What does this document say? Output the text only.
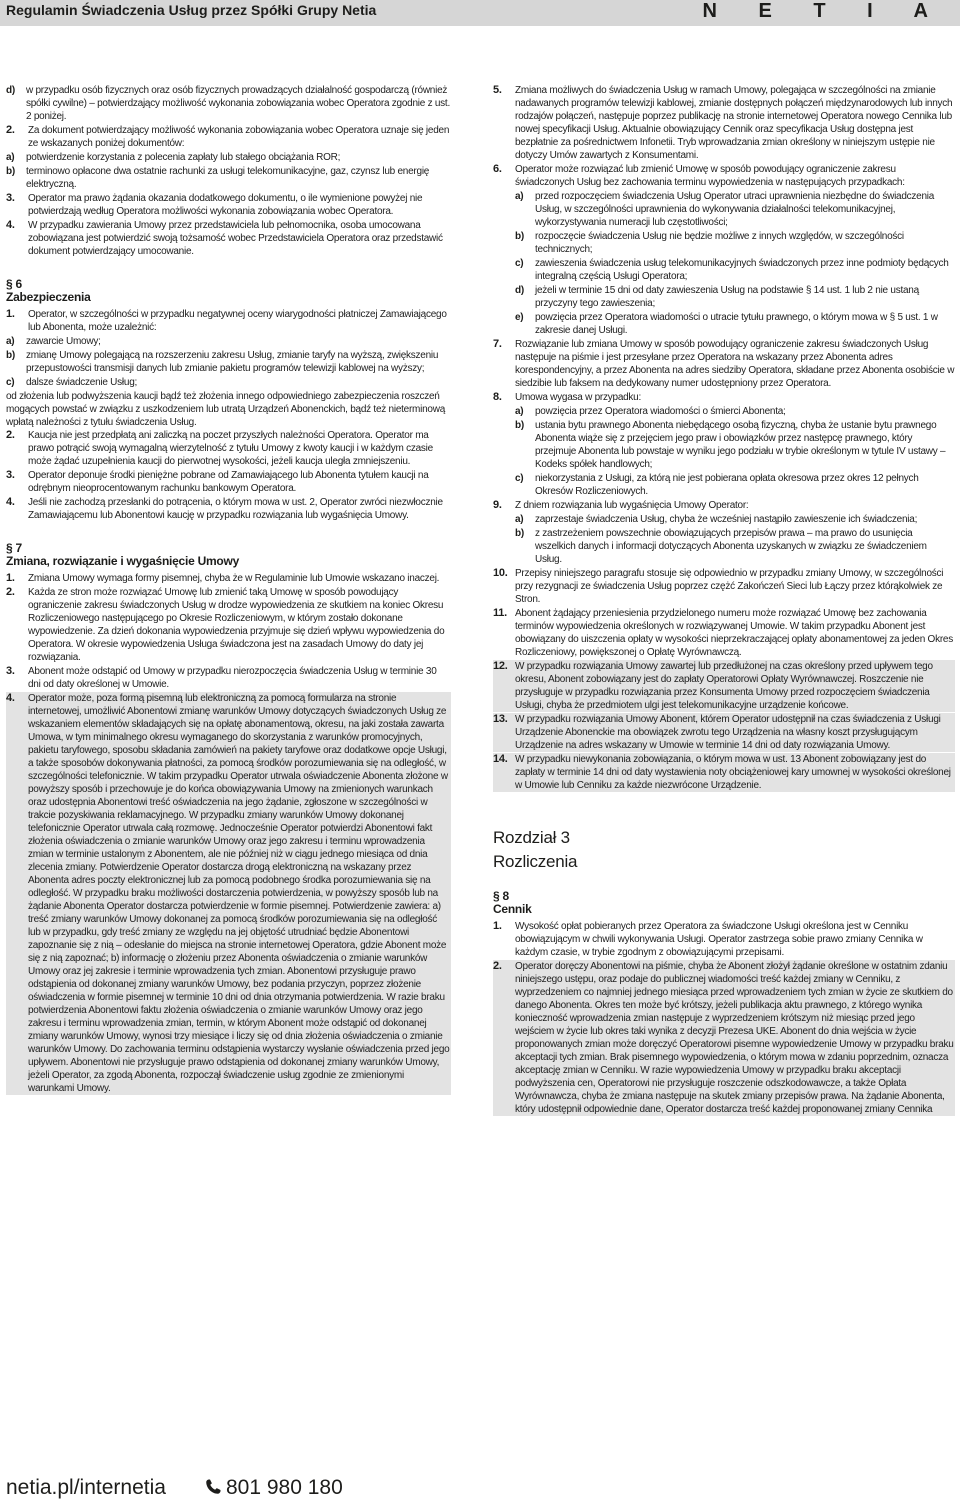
Regulamin Świadczenia Usług przez Spółki Grupy Netia	N E T I A
d) w przypadku osób fizycznych oraz osób fizycznych prowadzących działalność gospodarczą (również spółki cywilne) – potwierdzający możliwość wykonania zobowiązania wobec Operatora zgodnie z ust. 2 poniżej.

2. Za dokument potwierdzający możliwość wykonania zobowiązania wobec Operatora uznaje się jeden ze wskazanych poniżej dokumentów:

a) potwierdzenie korzystania z polecenia zapłaty lub stałego obciążania ROR;

b) terminowo opłacone dwa ostatnie rachunki za usługi telekomunikacyjne, gaz, czynsz lub energię elektryczną.

3. Operator ma prawo żądania okazania dodatkowego dokumentu, o ile wymienione powyżej nie potwierdzają według Operatora możliwości wykonania zobowiązania wobec Operatora.

4. W przypadku zawierania Umowy przez przedstawiciela lub pełnomocnika, osoba umocowana zobowiązana jest potwierdzić swoją tożsamość wobec Przedstawiciela Operatora oraz przedstawić dokument potwierdzający umocowanie.

§ 6
Zabezpieczenia
1. Operator, w szczególności w przypadku negatywnej oceny wiarygodności płatniczej Zamawiającego lub Abonenta, może uzależnić:

a) zawarcie Umowy;

b) zmianę Umowy polegającą na rozszerzeniu zakresu Usług, zmianie taryfy na wyższą, zwiększeniu przepustowości transmisji danych lub zmianie pakietu programów telewizji kablowej na wyższy;

c) dalsze świadczenie Usług;

od złożenia lub podwyższenia kaucji bądź też złożenia innego odpowiedniego zabezpieczenia roszczeń mogących powstać w związku z uszkodzeniem lub utratą Urządzeń Abonenckich, bądź też nieterminową wpłatą należności z tytułu świadczenia Usług.

2. Kaucja nie jest przedpłatą ani zaliczką na poczet przyszłych należności Operatora. Operator ma prawo potrącić swoją wymagalną wierzytelność z tytułu Umowy z kwoty kaucji i w każdym czasie może żądać uzupełnienia kaucji do pierwotnej wysokości, jeżeli kaucja uległa zmniejszeniu.

3. Operator deponuje środki pieniężne pobrane od Zamawiającego lub Abonenta tytułem kaucji na odrębnym nieoprocentowanym rachunku bankowym Operatora.

4. Jeśli nie zachodzą przesłanki do potrącenia, o którym mowa w ust. 2, Operator zwróci niezwłocznie Zamawiającemu lub Abonentowi kaucję w przypadku rozwiązania lub wygaśnięcia Umowy.

§ 7
Zmiana, rozwiązanie i wygaśnięcie Umowy
1. Zmiana Umowy wymaga formy pisemnej, chyba że w Regulaminie lub Umowie wskazano inaczej.

2. Każda ze stron może rozwiązać Umowę lub zmienić taką Umowę w sposób powodujący ograniczenie zakresu świadczonych Usług w drodze wypowiedzenia ze skutkiem na koniec Okresu Rozliczeniowego następującego po Okresie Rozliczeniowym, w którym zostało dokonane wypowiedzenie. Za dzień dokonania wypowiedzenia przyjmuje się dzień wpływu wypowiedzenia do Operatora. W okresie wypowiedzenia Usługa świadczona jest na zasadach Umowy do daty jej rozwiązania.

3. Abonent może odstąpić od Umowy w przypadku nierozpoczęcia świadczenia Usług w terminie 30 dni od daty określonej w Umowie.

4. Operator może, poza formą pisemną lub elektroniczną za pomocą formularza na stronie internetowej, umożliwić Abonentowi zmianę warunków Umowy dotyczących świadczonych Usług ze wskazaniem elementów składających się na opłatę abonamentową, okresu, na jaki została zawarta Umowa, w tym minimalnego okresu wymaganego do skorzystania z warunków promocyjnych, pakietu taryfowego, sposobu składania zamówień na pakiety taryfowe oraz dodatkowe opcje Usługi, a także sposobów dokonywania płatności, za pomocą środków porozumiewania się na odległość, w szczególności telefonicznie. W takim przypadku Operator utrwala oświadczenie Abonenta złożone w powyższy sposób i przechowuje je do końca obowiązywania Umowy na zmienionych warunkach oraz udostępnia Abonentowi treść oświadczenia na jego żądanie, zgłoszone w szczególności w trakcie pozyskiwania reklamacyjnego. W przypadku zmiany warunków Umowy dokonanej telefonicznie Operator utrwala całą rozmowę. Jednocześnie Operator potwierdzi Abonentowi fakt złożenia oświadczenia o zmianie warunków Umowy oraz jego zakresu i terminu wprowadzenia zmian w terminie ustalonym z Abonentem, ale nie później niż w ciągu jednego miesiąca od dnia zlecenia zmiany. Potwierdzenie Operator dostarcza drogą elektroniczną na wskazany przez Abonenta adres poczty elektronicznej lub za pomocą podobnego środka porozumiewania się na odległość. W przypadku braku możliwości dostarczenia potwierdzenia, w powyższy sposób lub na żądanie Abonenta Operator dostarcza potwierdzenie w formie pisemnej. Potwierdzenie zawiera: a) treść zmiany warunków Umowy dokonanej za pomocą środków porozumiewania się na odległość lub w przypadku, gdy treść zmiany ze względu na jej objętość utrudniać będzie Abonentowi zapoznanie się z nią – odesłanie do miejsca na stronie internetowej Operatora, gdzie Abonent może się z nią zapoznać; b) informację o złożeniu przez Abonenta oświadczenia o zmianie warunków Umowy oraz jej zakresie i terminie wprowadzenia tych zmian. Abonentowi przysługuje prawo odstąpienia od dokonanej zmiany warunków Umowy, bez podania przyczyn, poprzez złożenie oświadczenia w formie pisemnej w terminie 10 dni od dnia otrzymania potwierdzenia. W razie braku potwierdzenia Abonentowi faktu złożenia oświadczenia o zmianie warunków Umowy oraz jego zakresu i terminu wprowadzenia zmian, termin, w którym Abonent może odstąpić od dokonanej zmiany warunków Umowy, wynosi trzy miesiące i liczy się od dnia złożenia oświadczenia o zmianie warunków Umowy. Do zachowania terminu odstąpienia wystarczy wysłanie oświadczenia przed jego upływem. Abonentowi nie przysługuje prawo odstąpienia od dokonanej zmiany warunków Umowy, jeżeli Operator, za zgodą Abonenta, rozpoczął świadczenie usług zgodnie ze zmienionymi warunkami Umowy.

5. Zmiana możliwych do świadczenia Usług w ramach Umowy, polegająca w szczególności na zmianie nadawanych programów telewizji kablowej, zmianie dostępnych połączeń międzynarodowych lub innych rodzajów połączeń, następuje poprzez publikację na stronie internetowej Operatora nowego Cennika lub nowej specyfikacji Usług. Aktualnie obowiązujący Cennik oraz specyfikacja Usług dostępna jest bezpłatnie za pośrednictwem Infonetii. Tryb wprowadzania zmian określony w niniejszym ustępie nie dotyczy Umów zawartych z Konsumentami.

6. Operator może rozwiązać lub zmienić Umowę w sposób powodujący ograniczenie zakresu świadczonych Usług bez zachowania terminu wypowiedzenia w następujących przypadkach:

a) przed rozpoczęciem świadczenia Usług Operator utraci uprawnienia niezbędne do świadczenia Usług, w szczególności uprawnienia do wykonywania działalności telekomunikacyjnej, wykorzystywania numeracji lub częstotliwości;

b) rozpoczęcie świadczenia Usług nie będzie możliwe z innych względów, w szczególności technicznych;

c) zawieszenia świadczenia usług telekomunikacyjnych świadczonych przez inne podmioty będących integralną częścią Usługi Operatora;

d) jeżeli w terminie 15 dni od daty zawieszenia Usług na podstawie § 14 ust. 1 lub 2 nie ustaną przyczyny tego zawieszenia;

e) powzięcia przez Operatora wiadomości o utracie tytułu prawnego, o którym mowa w § 5 ust. 1 w zakresie danej Usługi.

7. Rozwiązanie lub zmiana Umowy w sposób powodujący ograniczenie zakresu świadczonych Usług następuje na piśmie i jest przesyłane przez Operatora na wskazany przez Abonenta adres korespondencyjny, a przez Abonenta na adres siedziby Operatora, składane przez Abonenta osobiście w siedzibie lub faksem na dedykowany numer udostępniony przez Operatora.

8. Umowa wygasa w przypadku:

a) powzięcia przez Operatora wiadomości o śmierci Abonenta;

b) ustania bytu prawnego Abonenta niebędącego osobą fizyczną, chyba że ustanie bytu prawnego Abonenta wiąże się z przejęciem jego praw i obowiązków przez następcę prawnego, który przejmuje Abonenta lub powstaje w wyniku jego podziału w trybie określonym w tytule IV ustawy – Kodeks spółek handlowych;

c) niekorzystania z Usługi, za którą nie jest pobierana opłata okresowa przez okres 12 pełnych Okresów Rozliczeniowych.

9. Z dniem rozwiązania lub wygaśnięcia Umowy Operator:

a) zaprzestaje świadczenia Usług, chyba że wcześniej nastąpiło zawieszenie ich świadczenia;

b) z zastrzeżeniem powszechnie obowiązujących przepisów prawa – ma prawo do usunięcia wszelkich danych i informacji dotyczących Abonenta uzyskanych w związku ze świadczeniem Usług.

10. Przepisy niniejszego paragrafu stosuje się odpowiednio w przypadku zmiany Umowy, w szczególności przy rezygnacji ze świadczenia Usług poprzez czężć Zakończeń Sieci lub Łączy przez którąkolwiek ze Stron.

11. Abonent żądający przeniesienia przydzielonego numeru może rozwiązać Umowę bez zachowania terminów wypowiedzenia określonych w rozwiązywanej Umowie. W takim przypadku Abonent jest obowiązany do uiszczenia opłaty w wysokości nieprzekraczającej opłaty abonamentowej za jeden Okres Rozliczeniowy, powiększonej o Opłatę Wyrównawczą.

12. W przypadku rozwiązania Umowy zawartej lub przedłużonej na czas określony przed upływem tego okresu, Abonent zobowiązany jest do zapłaty Operatorowi Opłaty Wyrównawczej. Roszczenie nie przysługuje w przypadku rozwiązania przez Konsumenta Umowy przed rozpoczęciem świadczenia Usługi, chyba że przedmiotem ulgi jest telekomunikacyjne urządzenie końcowe.

13. W przypadku rozwiązania Umowy Abonent, którem Operator udostępnił na czas świadczenia z Usługi Urządzenie Abonenckie ma obowiązek zwrotu tego Urządzenia na własny koszt przysługującym Urządzenie na adres wskazany w Umowie w terminie 14 dni od daty rozwiązania Umowy.

14. W przypadku niewykonania zobowiązania, o którym mowa w ust. 13 Abonent zobowiązany jest do zapłaty w terminie 14 dni od daty wystawienia noty obciążeniowej kary umownej w wysokości określonej w Umowie lub Cenniku za każde niezwrócone Urządzenie.

Rozdział 3
Rozliczenia
§ 8
Cennik
1. Wysokość opłat pobieranych przez Operatora za świadczone Usługi określona jest w Cenniku obowiązującym w chwili wykonywania Usługi. Operator zastrzega sobie prawo zmiany Cennika w każdym czasie, w trybie zgodnym z obowiązującymi przepisami.

2. Operator doręczy Abonentowi na piśmie, chyba że Abonent złożył żądanie określone w ostatnim zdaniu niniejszego ustępu, oraz podaje do publicznej wiadomości treść każdej zmiany w Cenniku, z wyprzedzeniem co najmniej jednego miesiąca przed wprowadzeniem tych zmian w życie ze skutkiem do danego Abonenta. Okres ten może być krótszy, jeżeli publikacja aktu prawnego, z którego wynika konieczność wprowadzenia zmian następuje z wyprzedzeniem krótszym niż miesiąc przed jego wejściem w życie lub okres taki wynika z decyzji Prezesa UKE. Abonent do dnia wejścia w życie proponowanych zmian może doręczyć Operatorowi pisemne wypowiedzenie Umowy w przypadku braku akceptacji tych zmian. Brak pisemnego wypowiedzenia, o którym mowa w zdaniu poprzednim, oznacza akceptację zmian w Cenniku. W razie wypowiedzenia Umowy w przypadku braku akceptacji podwyższenia cen, Operatorowi nie przysługuje roszczenie odszkodowawcze, a także Opłata Wyrównawcza, chyba że zmiana następuje na skutek zmiany przepisów prawa. Na żądanie Abonenta, który udostępnił odpowiednie dane, Operator dostarcza treść każdej proponowanej zmiany Cennika

netia.pl/internetia	801 980 180
